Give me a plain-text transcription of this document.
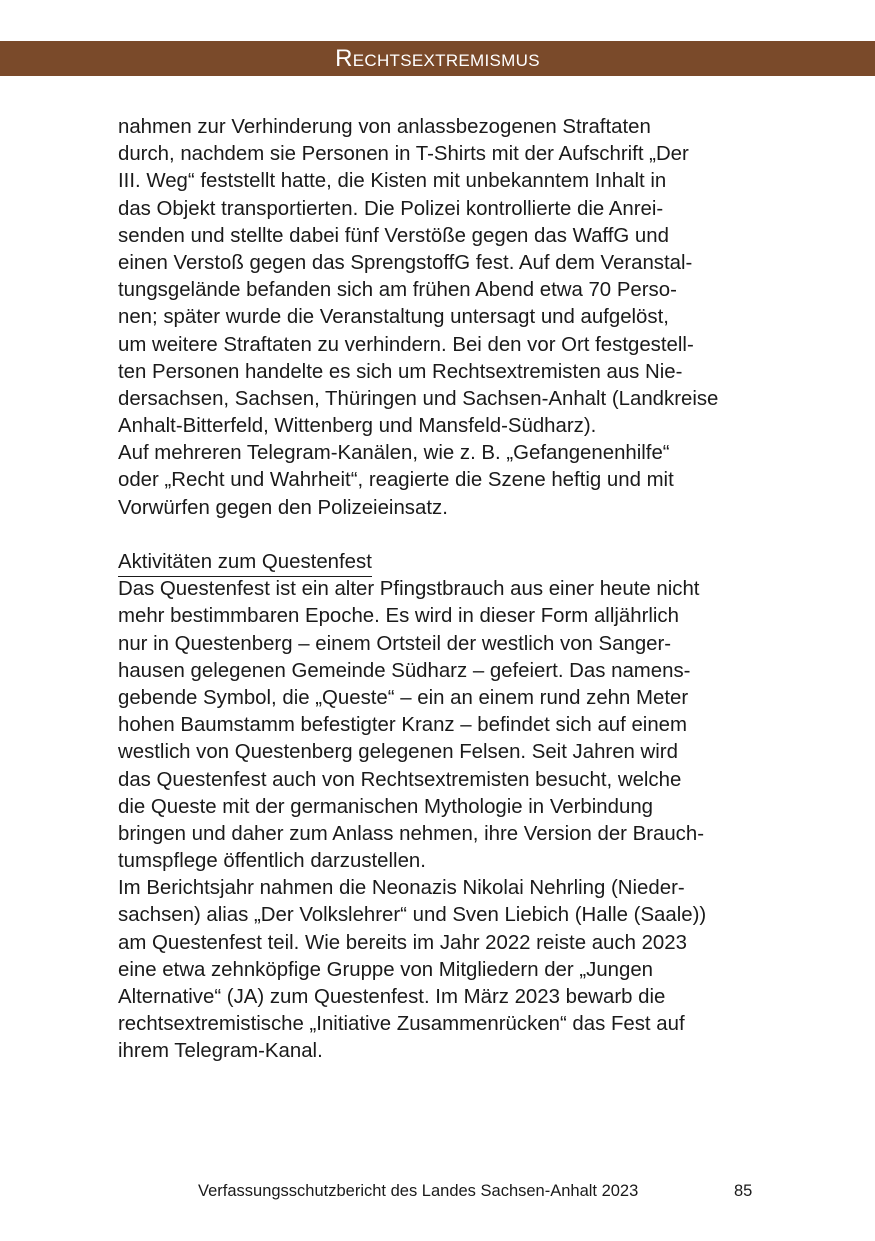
Rechtsextremismus
nahmen zur Verhinderung von anlassbezogenen Straftaten
durch, nachdem sie Personen in T-Shirts mit der Aufschrift „Der
III. Weg“ feststellt hatte, die Kisten mit unbekanntem Inhalt in
das Objekt transportierten. Die Polizei kontrollierte die Anrei-
senden und stellte dabei fünf Verstöße gegen das WaffG und
einen Verstoß gegen das SprengstoffG fest. Auf dem Veranstal-
tungsgelände befanden sich am frühen Abend etwa 70 Perso-
nen; später wurde die Veranstaltung untersagt und aufgelöst,
um weitere Straftaten zu verhindern. Bei den vor Ort festgestell-
ten Personen handelte es sich um Rechtsextremisten aus Nie-
dersachsen, Sachsen, Thüringen und Sachsen-Anhalt (Landkreise
Anhalt-Bitterfeld, Wittenberg und Mansfeld-Südharz).
Auf mehreren Telegram-Kanälen, wie z. B. „Gefangenenhilfe“
oder „Recht und Wahrheit“, reagierte die Szene heftig und mit
Vorwürfen gegen den Polizeieinsatz.
Aktivitäten zum Questenfest
Das Questenfest ist ein alter Pfingstbrauch aus einer heute nicht
mehr bestimmbaren Epoche. Es wird in dieser Form alljährlich
nur in Questenberg – einem Ortsteil der westlich von Sanger-
hausen gelegenen Gemeinde Südharz – gefeiert. Das namens-
gebende Symbol, die „Queste“ – ein an einem rund zehn Meter
hohen Baumstamm befestigter Kranz – befindet sich auf einem
westlich von Questenberg gelegenen Felsen. Seit Jahren wird
das Questenfest auch von Rechtsextremisten besucht, welche
die Queste mit der germanischen Mythologie in Verbindung
bringen und daher zum Anlass nehmen, ihre Version der Brauch-
tumspflege öffentlich darzustellen.
Im Berichtsjahr nahmen die Neonazis Nikolai Nehrling (Nieder-
sachsen) alias „Der Volkslehrer“ und Sven Liebich (Halle (Saale))
am Questenfest teil. Wie bereits im Jahr 2022 reiste auch 2023
eine etwa zehnköpfige Gruppe von Mitgliedern der „Jungen
Alternative“ (JA) zum Questenfest. Im März 2023 bewarb die
rechtsextremistische „Initiative Zusammenrücken“ das Fest auf
ihrem Telegram-Kanal.
Verfassungsschutzbericht des Landes Sachsen-Anhalt 2023	85
